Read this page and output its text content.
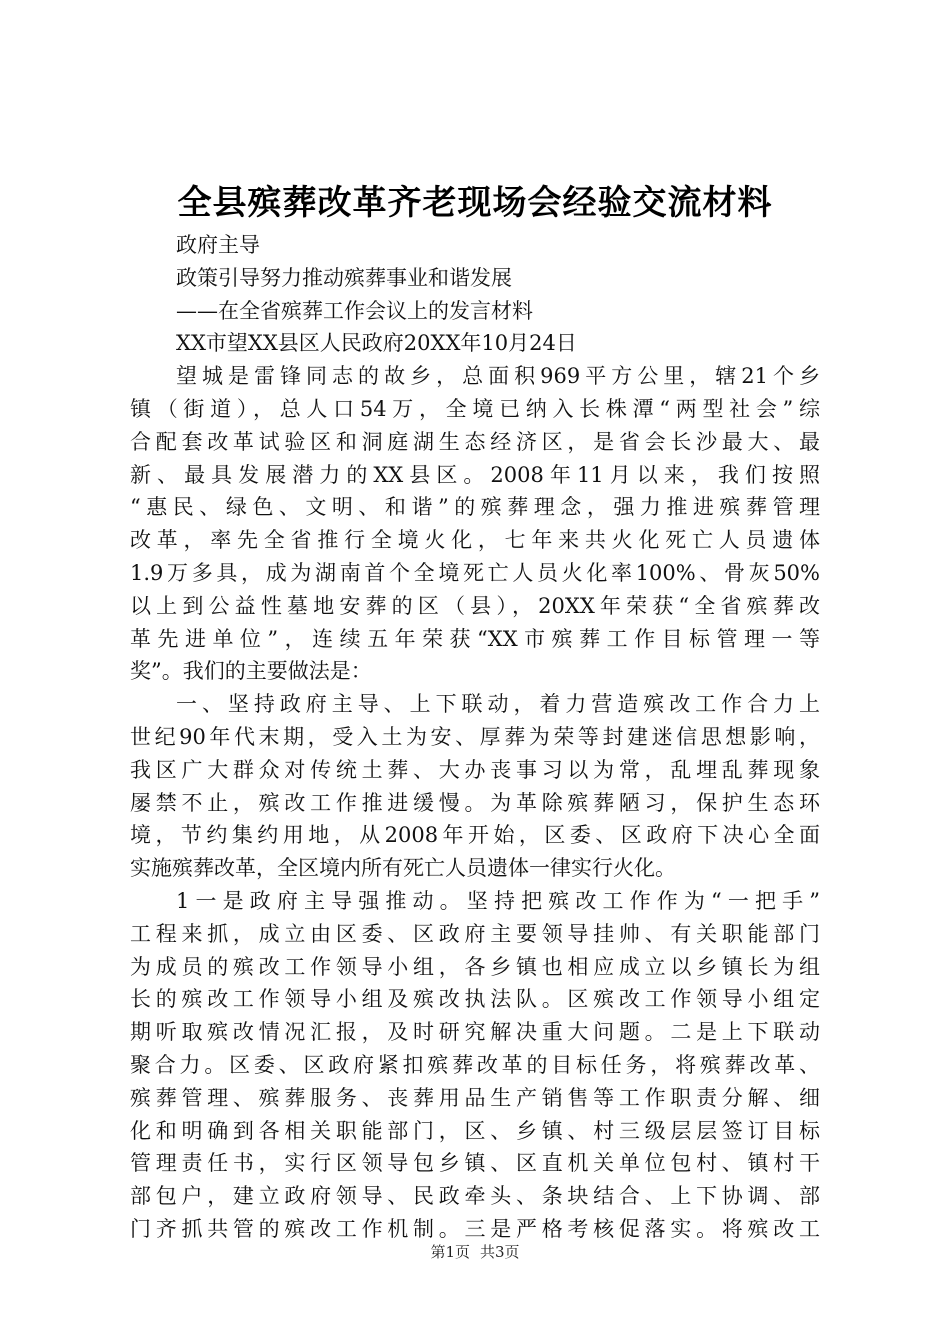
全县殡葬改革齐老现场会经验交流材料
政府主导
政策引导努力推动殡葬事业和谐发展
——在全省殡葬工作会议上的发言材料
XX市望XX县区人民政府20XX年10月24日
望城是雷锋同志的故乡，总面积969平方公里，辖21个乡
镇（街道），总人口54万，全境已纳入长株潭“两型社会”综
合配套改革试验区和洞庭湖生态经济区，是省会长沙最大、最
新、最具发展潜力的XX县区。2008年11月以来，我们按照
“惠民、绿色、文明、和谐”的殡葬理念，强力推进殡葬管理
改革，率先全省推行全境火化，七年来共火化死亡人员遗体
1.9万多具，成为湖南首个全境死亡人员火化率100%、骨灰50%
以上到公益性墓地安葬的区（县），20XX年荣获“全省殡葬改
革先进单位”，连续五年荣获“XX市殡葬工作目标管理一等
奖”。我们的主要做法是：
一、坚持政府主导、上下联动，着力营造殡改工作合力上
世纪90年代末期，受入土为安、厚葬为荣等封建迷信思想影响，
我区广大群众对传统土葬、大办丧事习以为常，乱埋乱葬现象
屡禁不止，殡改工作推进缓慢。为革除殡葬陋习，保护生态环
境，节约集约用地，从2008年开始，区委、区政府下决心全面
实施殡葬改革，全区境内所有死亡人员遗体一律实行火化。
1一是政府主导强推动。坚持把殡改工作作为“一把手”
工程来抓，成立由区委、区政府主要领导挂帅、有关职能部门
为成员的殡改工作领导小组，各乡镇也相应成立以乡镇长为组
长的殡改工作领导小组及殡改执法队。区殡改工作领导小组定
期听取殡改情况汇报，及时研究解决重大问题。二是上下联动
聚合力。区委、区政府紧扣殡葬改革的目标任务，将殡葬改革、
殡葬管理、殡葬服务、丧葬用品生产销售等工作职责分解、细
化和明确到各相关职能部门，区、乡镇、村三级层层签订目标
管理责任书，实行区领导包乡镇、区直机关单位包村、镇村干
部包户，建立政府领导、民政牵头、条块结合、上下协调、部
门齐抓共管的殡改工作机制。三是严格考核促落实。将殡改工
第1页 共3页
